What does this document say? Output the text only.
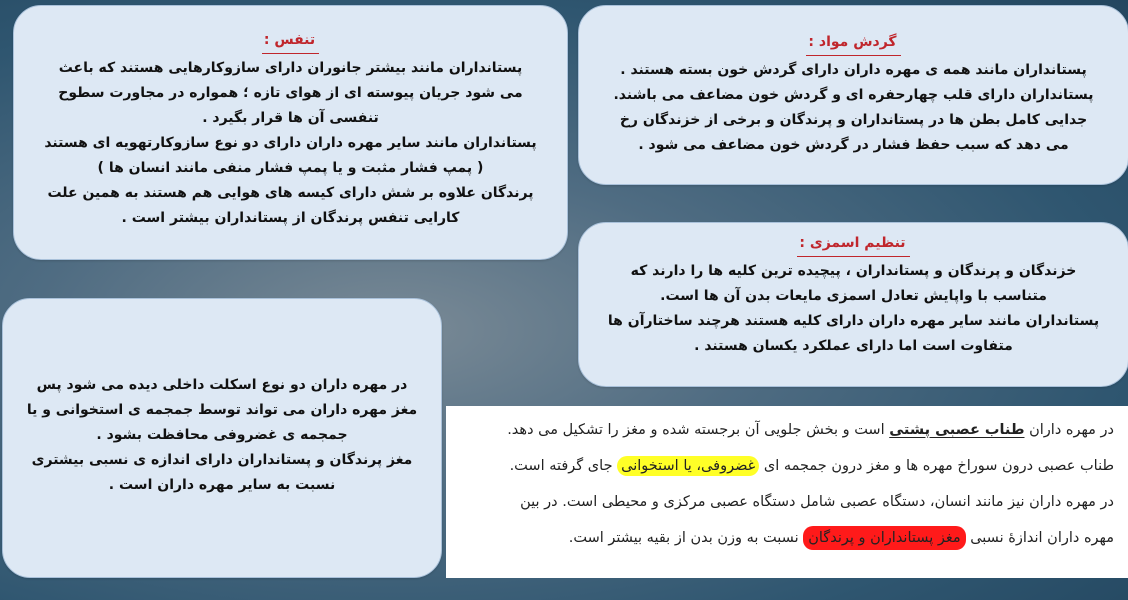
تنفس :
پستانداران مانند بیشتر جانوران دارای ساز‌وکارهایی هستند که باعث
می شود جریان پیوسته ای از هوای تازه ؛ همواره در مجاورت سطوح
تنفسی آن ها قرار بگیرد .
پستانداران مانند سایر مهره داران دارای دو نوع سازوکارتهویه ای هستند
( پمپ فشار مثبت و یا پمپ فشار منفی مانند انسان ها )
پرندگان علاوه بر شش دارای کیسه های هوایی هم هستند به همین علت
کارایی تنفس پرندگان از پستانداران بیشتر است .
گردش مواد :
پستانداران مانند همه ی مهره داران دارای گردش خون بسته هستند .
پستانداران دارای قلب چهارحفره ای و گردش خون مضاعف می باشند.
جدایی کامل بطن ها در پستانداران و پرندگان و برخی از خزندگان رخ
می دهد که سبب حفظ فشار در گردش خون مضاعف می شود .
تنظیم اسمزی :
خزندگان و پرندگان و پستانداران ، پیچیده ترین کلیه ها را دارند که
متناسب با واپایش تعادل اسمزی مایعات بدن آن ها است.
پستانداران مانند سایر مهره داران دارای کلیه هستند هرچند ساختارآن ها
متفاوت است اما دارای عملکرد یکسان هستند .
در مهره داران دو نوع اسکلت داخلی دیده می شود پس
مغز مهره داران می تواند توسط جمجمه ی استخوانی و یا
جمجمه ی غضروفی محافظت بشود .
مغز پرندگان و پستانداران دارای اندازه ی نسبی بیشتری
نسبت به سایر مهره داران است .
در مهره داران طناب عصبی پشتی است و بخش جلویی آن برجسته شده و مغز را تشکیل می دهد.
طناب عصبی درون سوراخ مهره ها و مغز درون جمجمه ای غضروفی، یا استخوانی جای گرفته است.
در مهره داران نیز مانند انسان، دستگاه عصبی شامل دستگاه عصبی مرکزی و محیطی است. در بین
مهره داران اندازهٔ نسبی مغز پستانداران و پرندگان نسبت به وزن بدن از بقیه بیشتر است.
